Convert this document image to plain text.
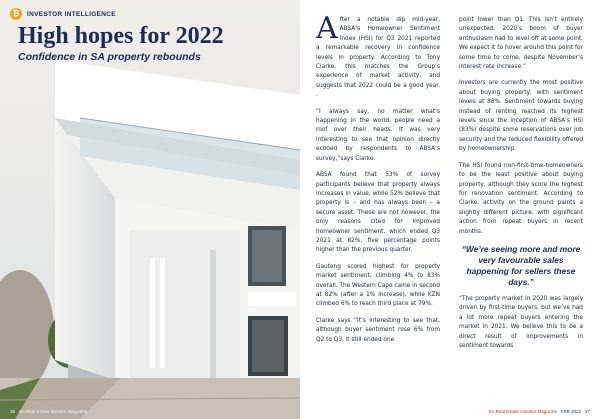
₿	INVESTOR INTELLIGENCE
High hopes for 2022

Confidence in SA property rebounds

36 SA Real Estate Investor Magazine

After a notable dip mid-year, ABSA’s Homeowner Sentiment Index (HSI) for Q3 2021 reported a remarkable recovery in confidence levels in property. According to Tony Clarke, this matches the Group’s experience of market activity, and suggests that 2022 could be a good year. .

“I always say, no matter what’s happening in the world, people need a roof over their heads. It was very interesting to see that opinion directly echoed by respondents to ABSA’s survey,”says Clarke.

ABSA found that 53% of survey participants believe that property always increases in value, while 52% believe that property is – and has always been – a secure asset. These are not however, the only reasons cited for improved homeowner sentiment, which ended Q3 2021 at 82%, five percentage points higher than the previous quarter.

Gauteng scored highest for property market sentiment, climbing 4% to 83% overall. The Western Cape came in second at 82% (after a 1% increase), while KZN climbed 6% to reach third place at 79%.

Clarke says “It’s interesting to see that, although buyer sentiment rose 6% from Q2 to Q3, it still ended one

point lower than Q1. This isn’t entirely unexpected, 2020’s boom of buyer enthusiasm had to level off at some point. We expect it to hover around this point for some time to come, despite November’s interest rate increase.”

Investors are currently the most positive about buying property, with sentiment levels at 88%. Sentiment towards buying instead of renting reached its highest levels since the inception of ABSA’s HSI (83%) despite some reservations over job security and the reduced flexibility offered by homeownership.

The HSI found non-first-time-homeowners to be the least positive about buying property, although they score the highest for renovation sentiment. According to Clarke, activity on the ground paints a slightly different picture, with significant action from repeat buyers in recent months.

“We’re seeing more and more very favourable sales happening for sellers these days.”

“The property market in 2020 was largely driven by first-time buyers, but we’ve had a lot more repeat buyers entering the market in 2021. We believe this to be a direct result of improvements in sentiment towards

SA Real Estate Investor Magazine FEB 2022 37
